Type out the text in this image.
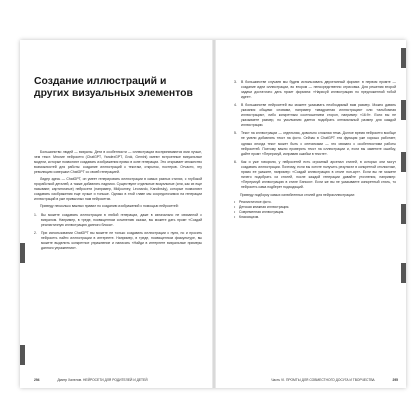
Создание иллюстраций и других визуальных элементов

Большинство людей — визуалы. Дети в особенности — иллюстрации воспринимаются ими лучше, чем текст. Многие нейросети (ChatGPT, YandexGPT, Grok, Gemini) имеют встроенные визуальные модели, которые позволяют создавать изображения прямо в окне генерации. Это открывает множество возможностей для работы: создание иллюстраций к текстам, открыток, постеров. Отчасти, эту революцию совершил ChatGPT со своей генерацией.

Лидер здесь — ChatGPT, он умеет генерировать иллюстрации в самых разных стилях, с глубокой проработкой деталей, а также добавлять надписи. Существуют отдельные визуальные (или, как их еще называют, картиночные) нейросети (например, Midjourney, Leonardo, Kandinsky), которые позволяют создавать изображения еще лучше и тоньше. Однако в этой главе мы сосредоточимся на генерации иллюстраций в уже привычных нам нейросетях.

Приведу несколько важных правил по созданию изображений с помощью нейросетей:

1. Вы можете создавать иллюстрации в любой генерации, даже в изначально не связанной с визуалом. Например, в треде, посвященном сочинению сказки, вы можете дать промт «Создай реалистичную иллюстрацию данного блока».
2. При использовании ChatGPT вы можете не только создавать иллюстрации с нуля, но и просить нейросеть найти иллюстрации в интернете. Например, в треде, посвященном физкультуре, вы можете выделить конкретное упражнение и написать «Найди в интернете визуальные примеры данного упражнения».
294	Дмитр Халелов. НЕЙРОСЕТИ ДЛЯ РОДИТЕЛЕЙ И ДЕТЕЙ
3. В большинстве случаев мы будем использовать двухэтапный формат: в первом промте — создание идеи иллюстрации, во втором — непосредственно отрисовка. Для решения второй задачи достаточно дать промт формата: «Нарисуй иллюстрацию по предложенной тобой идее».
4. В большинстве нейросетей вы можете указывать необходимый вам размер. Можно давать указания общими словами, например «квадратная иллюстрация» или «альбомная иллюстрация», либо конкретным соотношением сторон, например «16:9». Если вы не указываете размер, по умолчанию дается подобрать оптимальный размер для каждой иллюстрации.
5. Текст на иллюстрации — отдельная, довольно сложная тема. Долгое время нейросети вообще не умели добавлять текст на фото. Сейчас в ChatGPT эта функция уже хорошо работает, однако иногда текст может быть с опечатками — это связано с особенностями работы нейросетей. Поэтому важно проверять текст на иллюстрации и, если вы заметите ошибку, дайте промт «Перерисуй, исправив ошибки в тексте».
6. Как и уже говорили, у нейросетей есть огромный арсенал стилей, в которых они могут создавать иллюстрации. Поэтому, если вы хотите получить результат в конкретной стилистике, прямо ее укажите, например: «Создай иллюстрацию в стиле поп-арт». Если вы не можете ничего подобрать из стилей, после каждой генерации давайте уточнения, например: «Перерисуй иллюстрацию в стиле Бэнкси». Если же вы не указываете конкретный стиль, то нейросеть сама подберет подходящий.

Приведу подборку самых излюбленных стилей для нейроиллюстрации:

• Реалистичное фото.
• Детская книжная иллюстрация.
• Современная иллюстрация.
• Классицизм.
Часть VI. ПРОМТЫ ДЛЯ СОВМЕСТНОГО ДОСУГА И ТВОРЧЕСТВА	295
